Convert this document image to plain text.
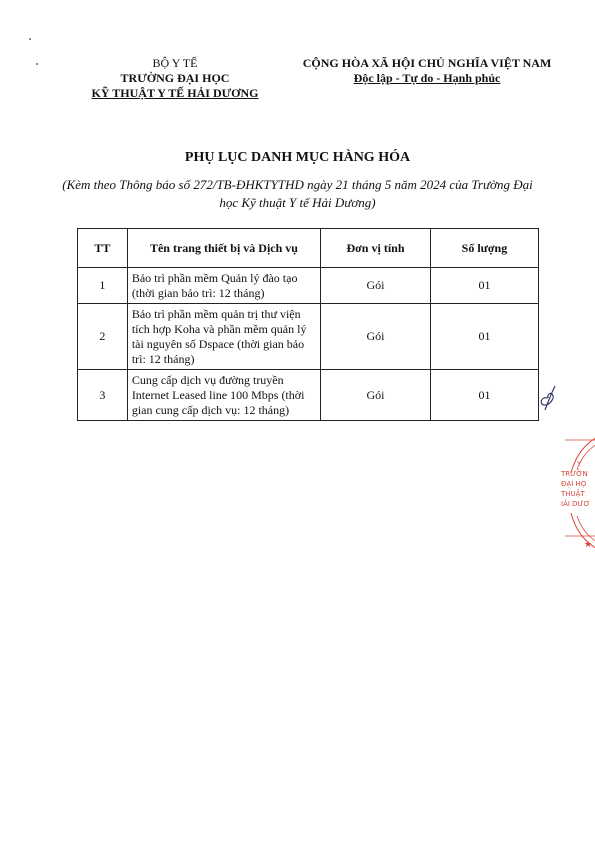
BỘ Y TẾ
TRƯỜNG ĐẠI HỌC
KỸ THUẬT Y TẾ HẢI DƯƠNG
CỘNG HÒA XÃ HỘI CHỦ NGHĨA VIỆT NAM
Độc lập - Tự do - Hạnh phúc
PHỤ LỤC DANH MỤC HÀNG HÓA
(Kèm theo Thông báo số 272/TB-ĐHKTYTHD ngày 21 tháng 5 năm 2024 của Trường Đại học Kỹ thuật Y tế Hải Dương)
TT	Tên trang thiết bị và Dịch vụ	Đơn vị tính	Số lượng
1	Bảo trì phần mềm Quản lý đào tạo (thời gian bảo trì: 12 tháng)	Gói	01
2	Bảo trì phần mềm quản trị thư viện tích hợp Koha và phần mềm quản lý tài nguyên số Dspace (thời gian bảo trì: 12 tháng)	Gói	01
3	Cung cấp dịch vụ đường truyền Internet Leased line 100 Mbps (thời gian cung cấp dịch vụ: 12 tháng)	Gói	01
★
Y
TRƯỜN
ĐẠI HỌ
THUẬT
IẢI DƯƠ
